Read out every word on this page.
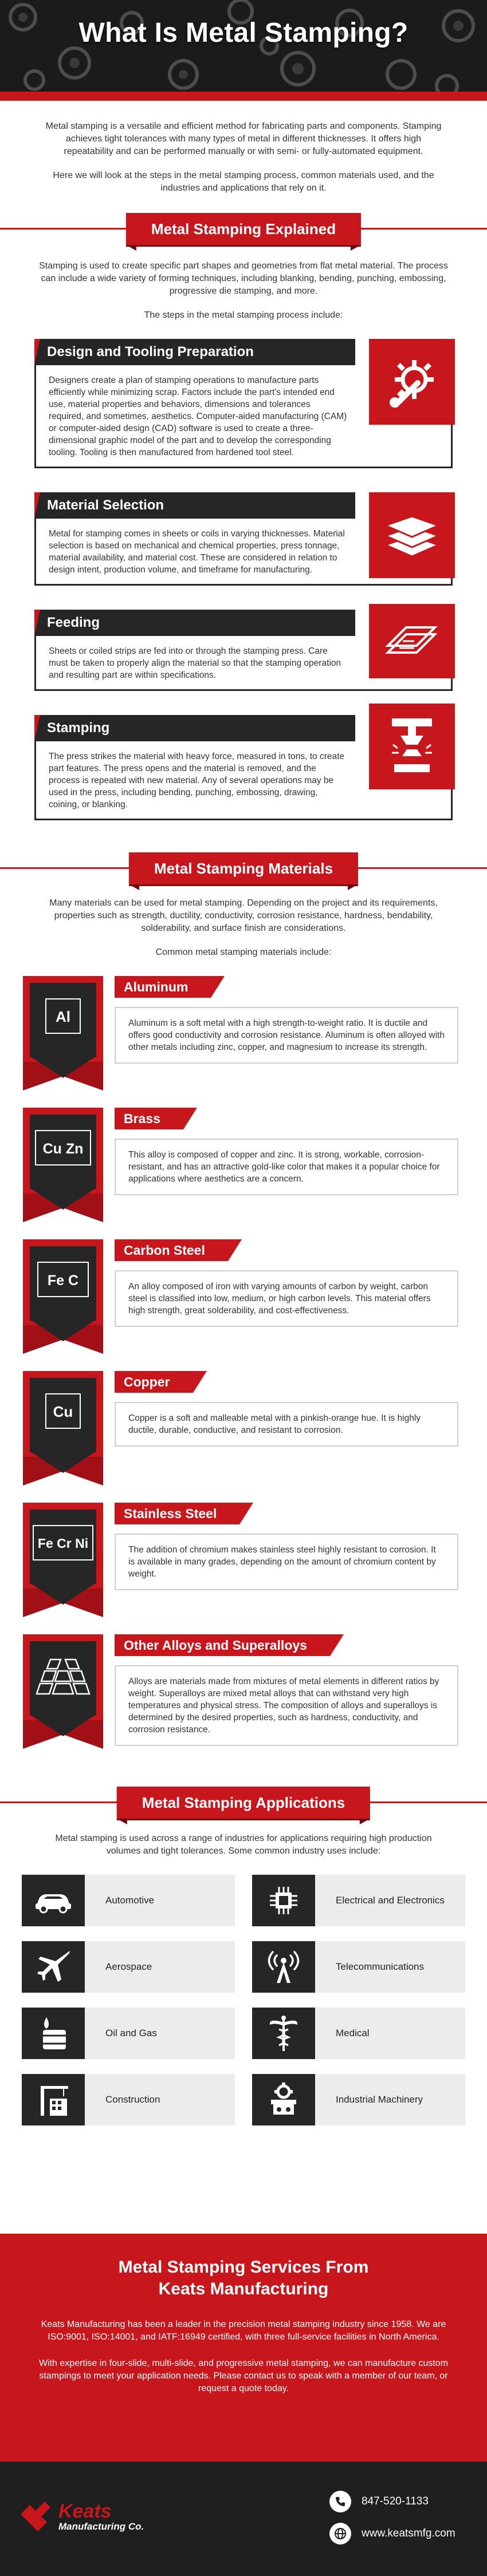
What Is Metal Stamping?

Metal stamping is a versatile and efficient method for fabricating parts and components. Stamping achieves tight tolerances with many types of metal in different thicknesses. It offers high repeatability and can be performed manually or with semi- or fully-automated equipment.

Here we will look at the steps in the metal stamping process, common materials used, and the industries and applications that rely on it.

Metal Stamping Explained
Stamping is used to create specific part shapes and geometries from flat metal material. The process can include a wide variety of forming techniques, including blanking, bending, punching, embossing, progressive die stamping, and more.
The steps in the metal stamping process include:
Design and Tooling Preparation
Designers create a plan of stamping operations to manufacture parts efficiently while minimizing scrap. Factors include the part's intended end use, material properties and behaviors, dimensions and tolerances required, and sometimes, aesthetics. Computer-aided manufacturing (CAM) or computer-aided design (CAD) software is used to create a three-dimensional graphic model of the part and to develop the corresponding tooling. Tooling is then manufactured from hardened tool steel.
Material Selection
Metal for stamping comes in sheets or coils in varying thicknesses. Material selection is based on mechanical and chemical properties, press tonnage, material availability, and material cost. These are considered in relation to design intent, production volume, and timeframe for manufacturing.
Feeding
Sheets or coiled strips are fed into or through the stamping press. Care must be taken to properly align the material so that the stamping operation and resulting part are within specifications.
Stamping
The press strikes the material with heavy force, measured in tons, to create part features. The press opens and the material is removed, and the process is repeated with new material. Any of several operations may be used in the press, including bending, punching, embossing, drawing, coining, or blanking.
Metal Stamping Materials
Many materials can be used for metal stamping. Depending on the project and its requirements, properties such as strength, ductility, conductivity, corrosion resistance, hardness, bendability, solderability, and surface finish are considerations.
Common metal stamping materials include:
Al
Aluminum
Aluminum is a soft metal with a high strength-to-weight ratio. It is ductile and offers good conductivity and corrosion resistance. Aluminum is often alloyed with other metals including zinc, copper, and magnesium to increase its strength.
Cu Zn
Brass
This alloy is composed of copper and zinc. It is strong, workable, corrosion-resistant, and has an attractive gold-like color that makes it a popular choice for applications where aesthetics are a concern.
Fe C
Carbon Steel
An alloy composed of iron with varying amounts of carbon by weight, carbon steel is classified into low, medium, or high carbon levels. This material offers high strength, great solderability, and cost-effectiveness.
Cu
Copper
Copper is a soft and malleable metal with a pinkish-orange hue. It is highly ductile, durable, conductive, and resistant to corrosion.
Fe Cr Ni
Stainless Steel
The addition of chromium makes stainless steel highly resistant to corrosion. It is available in many grades, depending on the amount of chromium content by weight.
Other Alloys and Superalloys
Alloys are materials made from mixtures of metal elements in different ratios by weight. Superalloys are mixed metal alloys that can withstand very high temperatures and physical stress. The composition of alloys and superalloys is determined by the desired properties, such as hardness, conductivity, and corrosion resistance.
Metal Stamping Applications
Metal stamping is used across a range of industries for applications requiring high production volumes and tight tolerances. Some common industry uses include:
Automotive	Electrical and Electronics
Aerospace	Telecommunications
Oil and Gas	Medical
Construction	Industrial Machinery
Metal Stamping Services From
Keats Manufacturing
Keats Manufacturing has been a leader in the precision metal stamping industry since 1958. We are ISO:9001, ISO:14001, and IATF:16949 certified, with three full-service facilities in North America.
With expertise in four-slide, multi-slide, and progressive metal stamping, we can manufacture custom stampings to meet your application needs. Please contact us to speak with a member of our team, or request a quote today.
Keats
Manufacturing Co.
847-520-1133
www.keatsmfg.com
